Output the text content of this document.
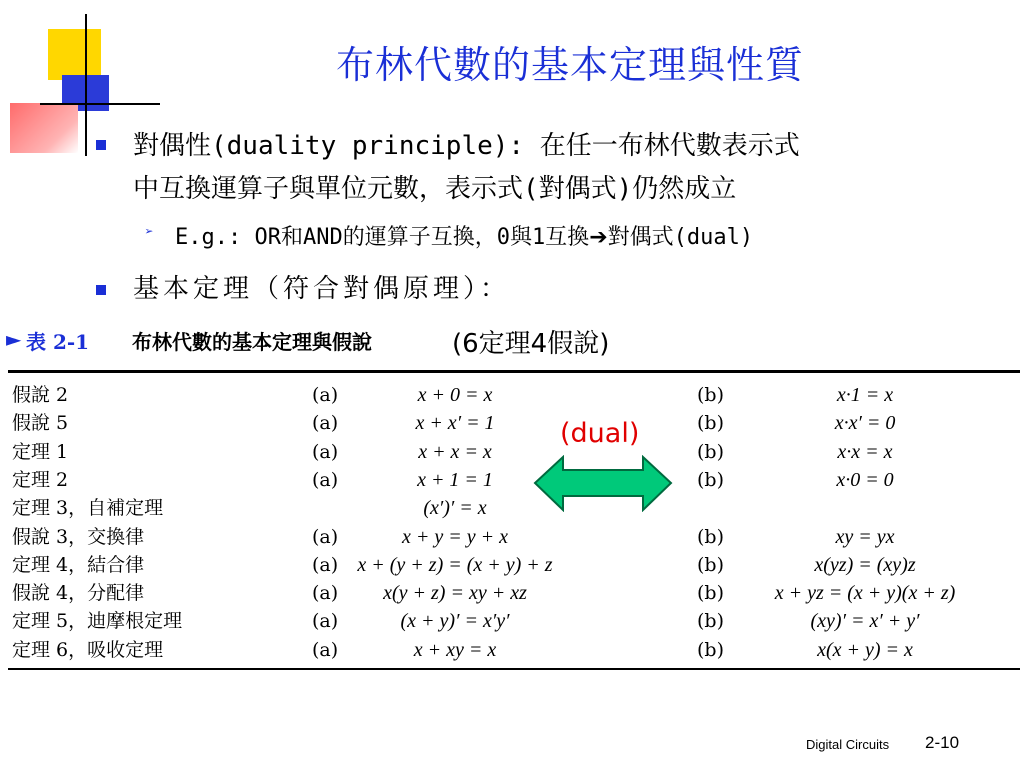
布林代數的基本定理與性質
對偶性(duality principle): 在任一布林代數表示式
中互換運算子與單位元數，表示式(對偶式)仍然成立
➢ E.g.: OR和AND的運算子互換，0與1互換➔對偶式(dual)
基本定理（符合對偶原理）：
► 表 2-1 布林代數的基本定理與假說	(6定理4假說)
假說 2	(a)	x + 0 = x	(b)	x·1 = x
假說 5	(a)	x + x′ = 1	(b)	x·x′ = 0
定理 1	(a)	x + x = x	(b)	x·x = x
定理 2	(a)	x + 1 = 1	(b)	x·0 = 0
定理 3，自補定理	(x′)′ = x
假說 3，交換律	(a)	x + y = y + x	(b)	xy = yx
定理 4，結合律	(a) x + (y + z) = (x + y) + z	(b)	x(yz) = (xy)z
假說 4，分配律	(a)	x(y + z) = xy + xz	(b)	x + yz = (x + y)(x + z)
定理 5，迪摩根定理	(a)	(x + y)′ = x′y′	(b)	(xy)′ = x′ + y′
定理 6，吸收定理	(a)	x + xy = x	(b)	x(x + y) = x
(dual)
Digital Circuits 2-10
